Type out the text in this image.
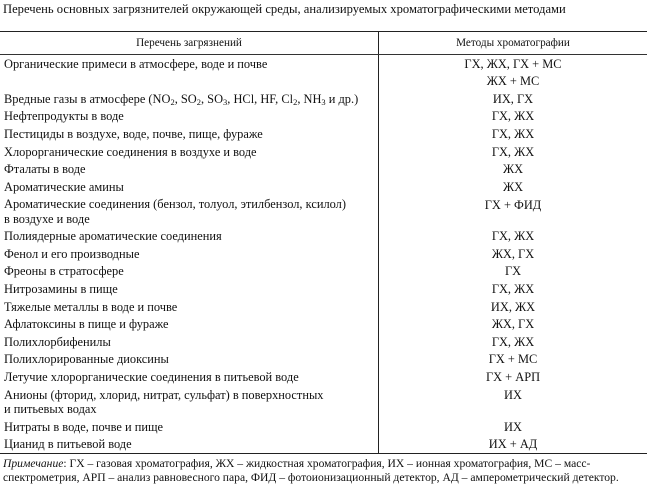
Перечень основных загрязнителей окружающей среды, анализируемых хроматографическими методами
Перечень загрязнений	Методы хроматографии
Органические примеси в атмосфере, воде и почве	ГХ, ЖХ, ГХ + МС
	ЖХ + МС
Вредные газы в атмосфере ($NO_2$, $SO_2$, $SO_3$, HCl, HF, $Cl_2$, $NH_3$ и др.)	ИХ, ГХ
Нефтепродукты в воде	ГХ, ЖХ
Пестициды в воздухе, воде, почве, пище, фураже	ГХ, ЖХ
Хлорорганические соединения в воздухе и воде	ГХ, ЖХ
Фталаты в воде	ЖХ
Ароматические амины	ЖХ
Ароматические соединения (бензол, толуол, этилбензол, ксилол)
в воздухе и воде	ГХ + ФИД
Полиядерные ароматические соединения	ГХ, ЖХ
Фенол и его производные	ЖХ, ГХ
Фреоны в стратосфере	ГХ
Нитрозамины в пище	ГХ, ЖХ
Тяжелые металлы в воде и почве	ИХ, ЖХ
Афлатоксины в пище и фураже	ЖХ, ГХ
Полихлорбифенилы	ГХ, ЖХ
Полихлорированные диоксины	ГХ + МС
Летучие хлорорганические соединения в питьевой воде	ГХ + АРП
Анионы (фторид, хлорид, нитрат, сульфат) в поверхностных
и питьевых водах	ИХ
Нитраты в воде, почве и пище	ИХ
Цианид в питьевой воде	ИХ + АД
Примечание: ГХ – газовая хроматография, ЖХ – жидкостная хроматография, ИХ – ионная хроматография, МС – масс-спектрометрия, АРП – анализ равновесного пара, ФИД – фотоионизационный детектор, АД – амперометрический детектор.
